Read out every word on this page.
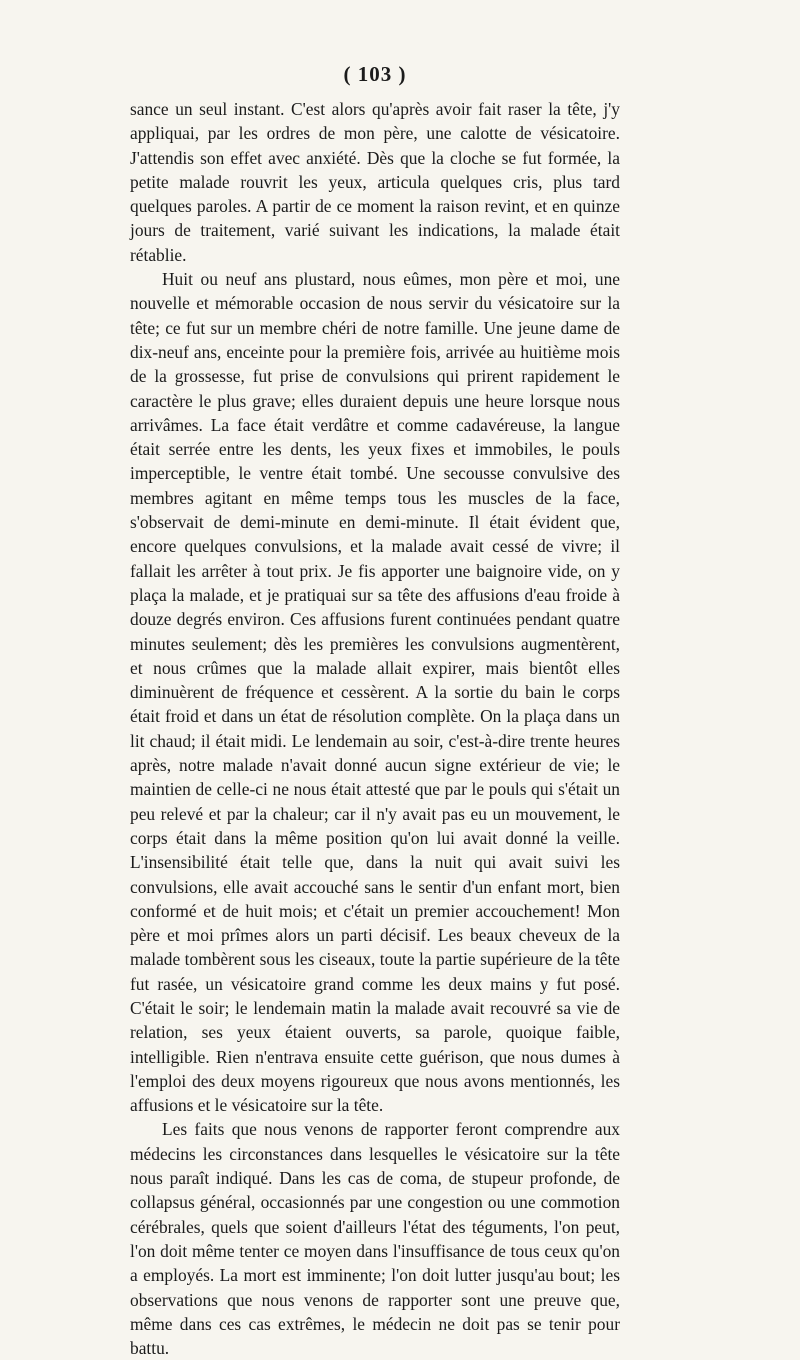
( 103 )

sance un seul instant. C'est alors qu'après avoir fait raser la tête, j'y appliquai, par les ordres de mon père, une calotte de vésicatoire. J'attendis son effet avec anxiété. Dès que la cloche se fut formée, la petite malade rouvrit les yeux, articula quelques cris, plus tard quelques paroles. A partir de ce moment la raison revint, et en quinze jours de traitement, varié suivant les indications, la malade était rétablie.

Huit ou neuf ans plustard, nous eûmes, mon père et moi, une nouvelle et mémorable occasion de nous servir du vésicatoire sur la tête; ce fut sur un membre chéri de notre famille. Une jeune dame de dix-neuf ans, enceinte pour la première fois, arrivée au huitième mois de la grossesse, fut prise de convulsions qui prirent rapidement le caractère le plus grave; elles duraient depuis une heure lorsque nous arrivâmes. La face était verdâtre et comme cadavéreuse, la langue était serrée entre les dents, les yeux fixes et immobiles, le pouls imperceptible, le ventre était tombé. Une secousse convulsive des membres agitant en même temps tous les muscles de la face, s'observait de demi-minute en demi-minute. Il était évident que, encore quelques convulsions, et la malade avait cessé de vivre; il fallait les arrêter à tout prix. Je fis apporter une baignoire vide, on y plaça la malade, et je pratiquai sur sa tête des affusions d'eau froide à douze degrés environ. Ces affusions furent continuées pendant quatre minutes seulement; dès les premières les convulsions augmentèrent, et nous crûmes que la malade allait expirer, mais bientôt elles diminuèrent de fréquence et cessèrent. A la sortie du bain le corps était froid et dans un état de résolution complète. On la plaça dans un lit chaud; il était midi. Le lendemain au soir, c'est-à-dire trente heures après, notre malade n'avait donné aucun signe extérieur de vie; le maintien de celle-ci ne nous était attesté que par le pouls qui s'était un peu relevé et par la chaleur; car il n'y avait pas eu un mouvement, le corps était dans la même position qu'on lui avait donné la veille. L'insensibilité était telle que, dans la nuit qui avait suivi les convulsions, elle avait accouché sans le sentir d'un enfant mort, bien conformé et de huit mois; et c'était un premier accouchement! Mon père et moi prîmes alors un parti décisif. Les beaux cheveux de la malade tombèrent sous les ciseaux, toute la partie supérieure de la tête fut rasée, un vésicatoire grand comme les deux mains y fut posé. C'était le soir; le lendemain matin la malade avait recouvré sa vie de relation, ses yeux étaient ouverts, sa parole, quoique faible, intelligible. Rien n'entrava ensuite cette guérison, que nous dumes à l'emploi des deux moyens rigoureux que nous avons mentionnés, les affusions et le vésicatoire sur la tête.

Les faits que nous venons de rapporter feront comprendre aux médecins les circonstances dans lesquelles le vésicatoire sur la tête nous paraît indiqué. Dans les cas de coma, de stupeur profonde, de collapsus général, occasionnés par une congestion ou une commotion cérébrales, quels que soient d'ailleurs l'état des téguments, l'on peut, l'on doit même tenter ce moyen dans l'insuffisance de tous ceux qu'on a employés. La mort est imminente; l'on doit lutter jusqu'au bout; les observations que nous venons de rapporter sont une preuve que, même dans ces cas extrêmes, le médecin ne doit pas se tenir pour battu.
